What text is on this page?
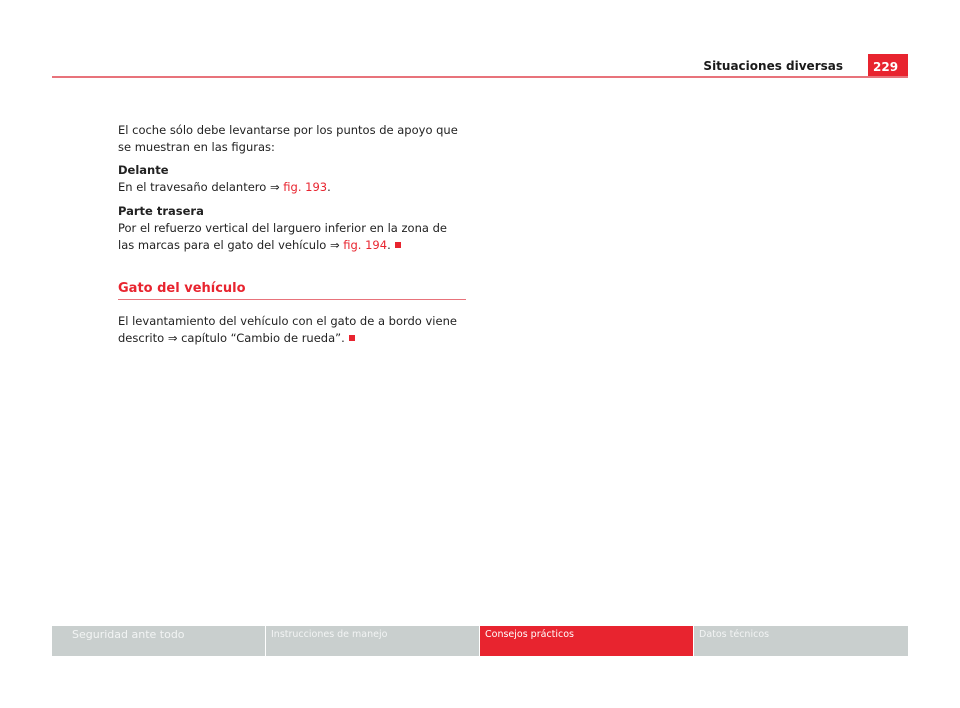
Situaciones diversas	229

El coche sólo debe levantarse por los puntos de apoyo que se muestran en las figuras:

Delante

En el travesaño delantero ⇒ fig. 193.

Parte trasera

Por el refuerzo vertical del larguero inferior en la zona de las marcas para el gato del vehículo ⇒ fig. 194.

Gato del vehículo

El levantamiento del vehículo con el gato de a bordo viene descrito ⇒ capítulo “Cambio de rueda”.

Seguridad ante todo	Instrucciones de manejo	Consejos prácticos	Datos técnicos
